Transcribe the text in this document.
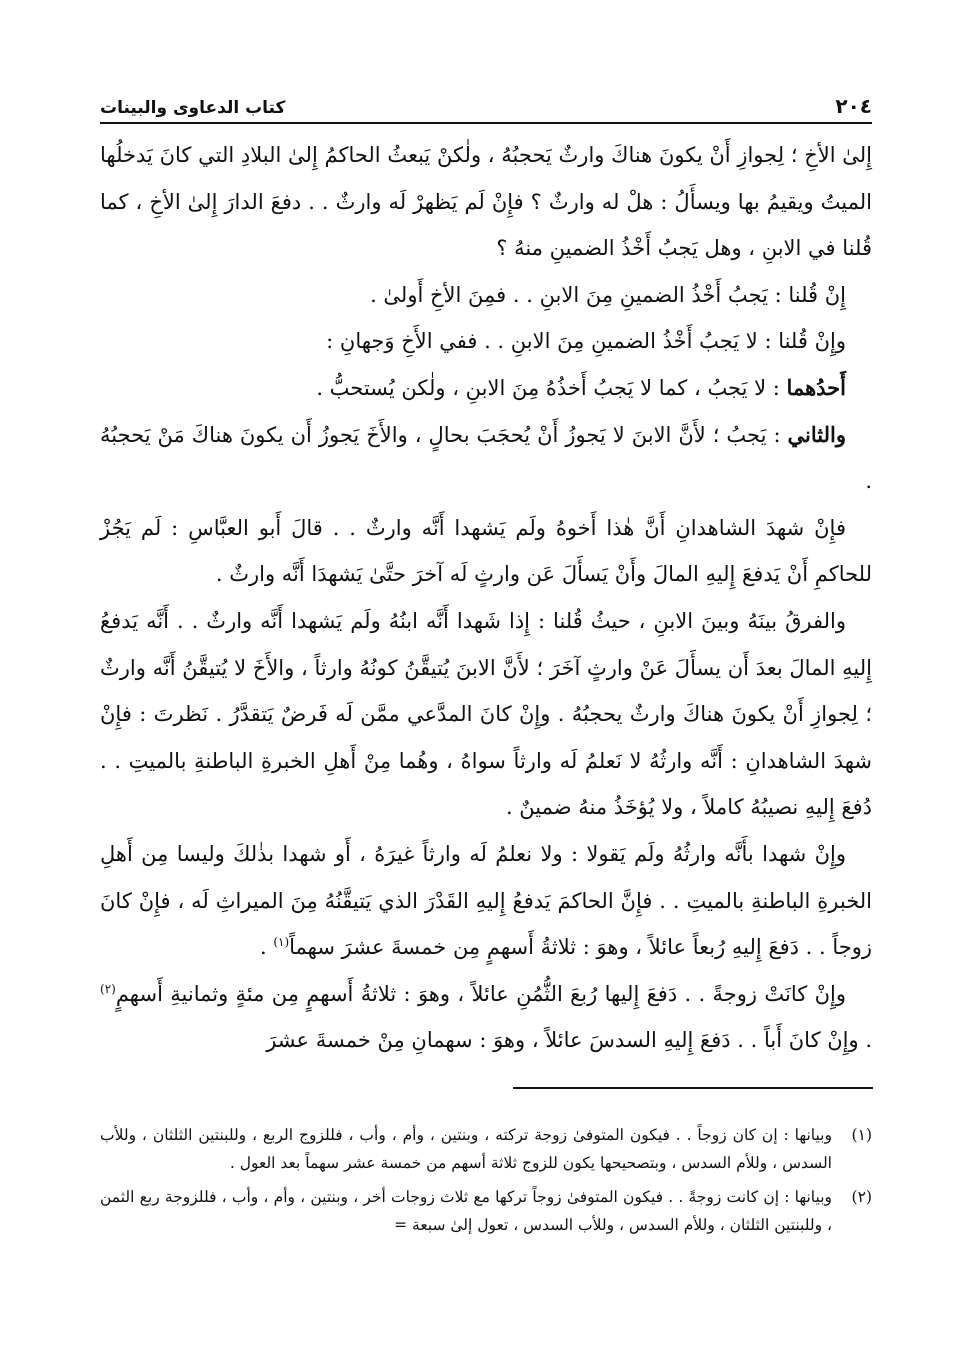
٢٠٤
كتاب الدعاوى والبينات

إِلىٰ الأخِ ؛ لِجوازِ أَنْ يكونَ هناكَ وارثٌ يَحجبُهُ ، ولٰكنْ يَبعثُ الحاكمُ إِلىٰ البلادِ التي كانَ يَدخلُها الميتُ ويقيمُ بها ويسأَلُ : هلْ له وارثٌ ؟ فإِنْ لَم يَظهرْ لَه وارثٌ . . دفعَ الدارَ إِلىٰ الأخِ ، كما قُلنا في الابنِ ، وهل يَجبُ أَخْذُ الضمينِ منهُ ؟

إِنْ قُلنا : يَجبُ أَخْذُ الضمينِ مِنَ الابنِ . . فمِنَ الأخِ أَولىٰ .

وإِنْ قُلنا : لا يَجبُ أَخْذُ الضمينِ مِنَ الابنِ . . ففي الأَخِ وَجهانِ :

أَحدُهما : لا يَجبُ ، كما لا يَجبُ أَخذُهُ مِنَ الابنِ ، ولٰكن يُستحبُّ .

والثاني : يَجبُ ؛ لأَنَّ الابنَ لا يَجوزُ أَنْ يُحجَبَ بحالٍ ، والأَخَ يَجوزُ أَن يكونَ هناكَ مَنْ يَحجبُهُ .

فإِنْ شهدَ الشاهدانِ أَنَّ هٰذا أَخوهُ ولَم يَشهدا أَنَّه وارثٌ . . قالَ أَبو العبَّاسِ : لَم يَجُزْ للحاكمِ أَنْ يَدفعَ إِليهِ المالَ وأَنْ يَسأَلَ عَن وارثٍ لَه آخرَ حتَّىٰ يَشهدَا أَنَّه وارثٌ .

والفرقُ بينَهُ وبينَ الابنِ ، حيثُ قُلنا : إِذا شَهدا أَنَّه ابنُهُ ولَم يَشهدا أَنَّه وارثٌ . . أَنَّه يَدفعُ إِليهِ المالَ بعدَ أَن يسأَلَ عَنْ وارثٍ آخَرَ ؛ لأَنَّ الابنَ يُتيقَّنُ كونُهُ وارثاً ، والأَخَ لا يُتيقَّنُ أَنَّه وارثٌ ؛ لِجوازِ أَنْ يكونَ هناكَ وارثٌ يحجبُهُ . وإِنْ كانَ المدَّعي ممَّن لَه فَرضٌ يَتقدَّرُ . نَظرتَ : فإِنْ شهدَ الشاهدانِ : أَنَّه وارثُهُ لا نَعلمُ لَه وارثاً سواهُ ، وهُما مِنْ أَهلِ الخبرةِ الباطنةِ بالميتِ . . دُفعَ إِليهِ نصيبُهُ كاملاً ، ولا يُؤخَذُ منهُ ضمينٌ .

وإِنْ شهدا بأَنَّه وارثُهُ ولَم يَقولا : ولا نعلمُ لَه وارثاً غيرَهُ ، أَو شهدا بذٰلكَ وليسا مِن أَهلِ الخبرةِ الباطنةِ بالميتِ . . فإِنَّ الحاكمَ يَدفعُ إِليهِ القَدْرَ الذي يَتيقَّنُهُ مِنَ الميراثِ لَه ، فإِنْ كانَ زوجاً . . دَفعَ إِليهِ رُبعاً عائلاً ، وهوَ : ثلاثةُ أَسهمٍ مِن خمسةَ عشرَ سهماً$^{(١)}$ .

وإِنْ كانَتْ زوجةً . . دَفعَ إِليها رُبعَ الثُّمُنِ عائلاً ، وهوَ : ثلاثةُ أَسهمٍ مِن مئةٍ وثمانيةِ أَسهمٍ$^{(٢)}$ . وإِنْ كانَ أَباً . . دَفعَ إِليهِ السدسَ عائلاً ، وهوَ : سهمانِ مِنْ خمسةَ عشرَ

(١)
وبيانها : إن كان زوجاً . . فيكون المتوفىٰ زوجة تركته ، وبنتين ، وأم ، وأب ، فللزوج الربع ، وللبنتين الثلثان ، وللأب السدس ، وللأم السدس ، وبتصحيحها يكون للزوج ثلاثة أسهم من خمسة عشر سهماً بعد العول .
(٢)
وبيانها : إن كانت زوجةً . . فيكون المتوفىٰ زوجاً تركها مع ثلاث زوجات أخر ، وبنتين ، وأم ، وأب ، فللزوجة ربع الثمن ، وللبنتين الثلثان ، وللأم السدس ، وللأب السدس ، تعول إلىٰ سبعة =
